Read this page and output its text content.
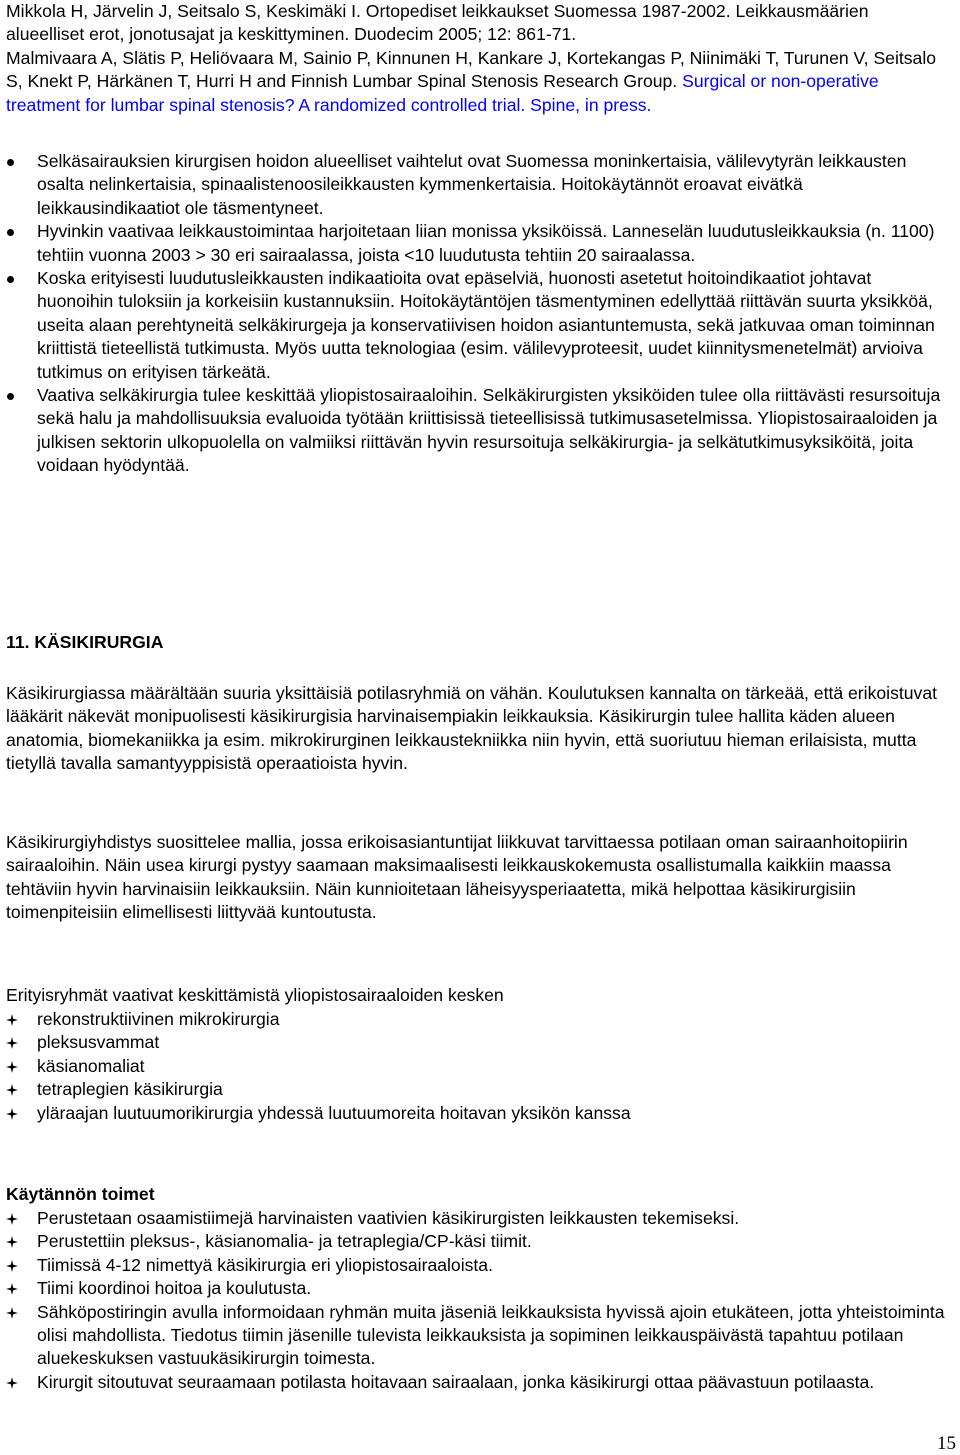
Mikkola H, Järvelin J, Seitsalo S, Keskimäki I. Ortopediset leikkaukset Suomessa 1987-2002. Leikkausmäärien alueelliset erot, jonotusajat ja keskittyminen. Duodecim 2005; 12: 861-71.

Malmivaara A, Slätis P, Heliövaara M, Sainio P, Kinnunen H, Kankare J, Kortekangas P, Niinimäki T, Turunen V, Seitsalo S, Knekt P, Härkänen T, Hurri H and Finnish Lumbar Spinal Stenosis Research Group. Surgical or non-operative treatment for lumbar spinal stenosis? A randomized controlled trial. Spine, in press.

Selkäsairauksien kirurgisen hoidon alueelliset vaihtelut ovat Suomessa moninkertaisia, välilevytyrän leikkausten osalta nelinkertaisia, spinaalistenoosileikkausten kymmenkertaisia. Hoitokäytännöt eroavat eivätkä leikkausindikaatiot ole täsmentyneet.
Hyvinkin vaativaa leikkaustoimintaa harjoitetaan liian monissa yksiköissä. Lanneselän luudutusleikkauksia (n. 1100) tehtiin vuonna 2003 > 30 eri sairaalassa, joista <10 luudutusta tehtiin 20 sairaalassa.
Koska erityisesti luudutusleikkausten indikaatioita ovat epäselviä, huonosti asetetut hoitoindikaatiot johtavat huonoihin tuloksiin ja korkeisiin kustannuksiin. Hoitokäytäntöjen täsmentyminen edellyttää riittävän suurta yksikköä, useita alaan perehtyneitä selkäkirurgeja ja konservatiivisen hoidon asiantuntemusta, sekä jatkuvaa oman toiminnan kriittistä tieteellistä tutkimusta. Myös uutta teknologiaa (esim. välilevyproteesit, uudet kiinnitysmenetelmät) arvioiva tutkimus on erityisen tärkeätä.
Vaativa selkäkirurgia tulee keskittää yliopistosairaaloihin. Selkäkirurgisten yksiköiden tulee olla riittävästi resursoituja sekä halu ja mahdollisuuksia evaluoida työtään kriittisissä tieteellisissä tutkimusasetelmissa. Yliopistosairaaloiden ja julkisen sektorin ulkopuolella on valmiiksi riittävän hyvin resursoituja selkäkirurgia- ja selkätutkimusyksiköitä, joita voidaan hyödyntää.
11. KÄSIKIRURGIA

Käsikirurgiassa määrältään suuria yksittäisiä potilasryhmiä on vähän. Koulutuksen kannalta on tärkeää, että erikoistuvat lääkärit näkevät monipuolisesti käsikirurgisia harvinaisempiakin leikkauksia. Käsikirurgin tulee hallita käden alueen anatomia, biomekaniikka ja esim. mikrokirurginen leikkaustekniikka niin hyvin, että suoriutuu hieman erilaisista, mutta tietyllä tavalla samantyyppisistä operaatioista hyvin.

Käsikirurgiyhdistys suosittelee mallia, jossa erikoisasiantuntijat liikkuvat tarvittaessa potilaan oman sairaanhoitopiirin sairaaloihin. Näin usea kirurgi pystyy saamaan maksimaalisesti leikkauskokemusta osallistumalla kaikkiin maassa tehtäviin hyvin harvinaisiin leikkauksiin. Näin kunnioitetaan läheisyysperiaatetta, mikä helpottaa käsikirurgisiin toimenpiteisiin elimellisesti liittyvää kuntoutusta.

Erityisryhmät vaativat keskittämistä yliopistosairaaloiden kesken

rekonstruktiivinen mikrokirurgia
pleksusvammat
käsianomaliat
tetraplegien käsikirurgia
yläraajan luutuumorikirurgia yhdessä luutuumoreita hoitavan yksikön kanssa
Käytännön toimet
Perustetaan osaamistiimejä harvinaisten vaativien käsikirurgisten leikkausten tekemiseksi.
Perustettiin pleksus-, käsianomalia- ja tetraplegia/CP-käsi tiimit.
Tiimissä 4-12 nimettyä käsikirurgia eri yliopistosairaaloista.
Tiimi koordinoi hoitoa ja koulutusta.
Sähköpostiringin avulla informoidaan ryhmän muita jäseniä leikkauksista hyvissä ajoin etukäteen, jotta yhteistoiminta olisi mahdollista. Tiedotus tiimin jäsenille tulevista leikkauksista ja sopiminen leikkauspäivästä tapahtuu potilaan aluekeskuksen vastuukäsikirurgin toimesta.
Kirurgit sitoutuvat seuraamaan potilasta hoitavaan sairaalaan, jonka käsikirurgi ottaa päävastuun potilaasta.
15
